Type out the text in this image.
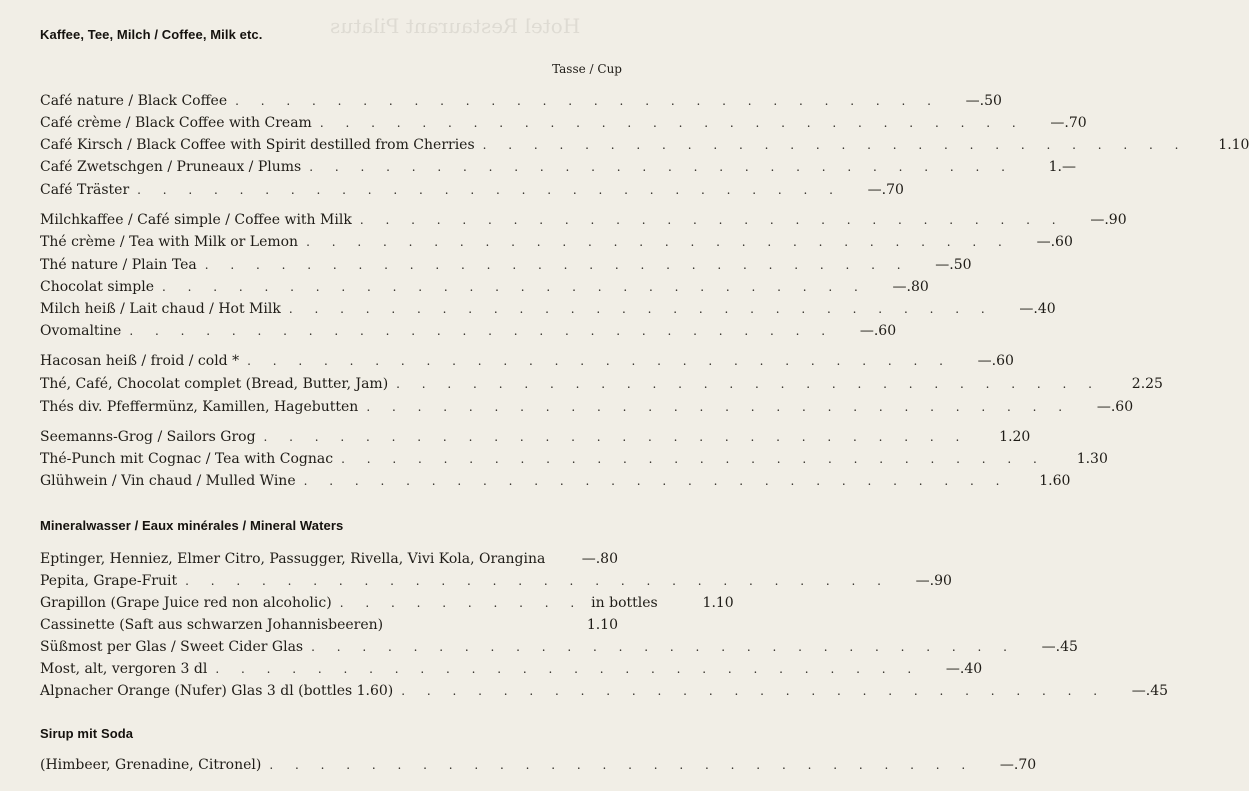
Hotel Restaurant Pilatus
Kaffee, Tee, Milch / Coffee, Milk etc.
Tasse / Cup
Café nature / Black Coffee . . . . . . . . . . . . . . . . . . . . . . . . . . . .	—.50
Café crème / Black Coffee with Cream . . . . . . . . . . . . . . . . . . . . . . . . . . . .	—.70
Café Kirsch / Black Coffee with Spirit destilled from Cherries . . . . . . . . . . . . . . . . . . . . . . . . . . . .	1.10
Café Zwetschgen / Pruneaux / Plums . . . . . . . . . . . . . . . . . . . . . . . . . . . .	1.—
Café Träster . . . . . . . . . . . . . . . . . . . . . . . . . . . .	—.70
Milchkaffee / Café simple / Coffee with Milk . . . . . . . . . . . . . . . . . . . . . . . . . . . .	—.90
Thé crème / Tea with Milk or Lemon . . . . . . . . . . . . . . . . . . . . . . . . . . . .	—.60
Thé nature / Plain Tea . . . . . . . . . . . . . . . . . . . . . . . . . . . .	—.50
Chocolat simple . . . . . . . . . . . . . . . . . . . . . . . . . . . .	—.80
Milch heiß / Lait chaud / Hot Milk . . . . . . . . . . . . . . . . . . . . . . . . . . . .	—.40
Ovomaltine . . . . . . . . . . . . . . . . . . . . . . . . . . . .	—.60
Hacosan heiß / froid / cold * . . . . . . . . . . . . . . . . . . . . . . . . . . . .	—.60
Thé, Café, Chocolat complet (Bread, Butter, Jam) . . . . . . . . . . . . . . . . . . . . . . . . . . . .	2.25
Thés div. Pfeffermünz, Kamillen, Hagebutten . . . . . . . . . . . . . . . . . . . . . . . . . . . .	—.60
Seemanns-Grog / Sailors Grog . . . . . . . . . . . . . . . . . . . . . . . . . . . .	1.20
Thé-Punch mit Cognac / Tea with Cognac . . . . . . . . . . . . . . . . . . . . . . . . . . . .	1.30
Glühwein / Vin chaud / Mulled Wine . . . . . . . . . . . . . . . . . . . . . . . . . . . .	1.60
Mineralwasser / Eaux minérales / Mineral Waters
Eptinger, Henniez, Elmer Citro, Passugger, Rivella, Vivi Kola, Orangina	—.80
Pepita, Grape-Fruit . . . . . . . . . . . . . . . . . . . . . . . . . . . .	—.90
Grapillon (Grape Juice red non alcoholic) . . . . . . . . . . in bottles	1.10
Cassinette (Saft aus schwarzen Johannisbeeren)	1.10
Süßmost per Glas / Sweet Cider Glas . . . . . . . . . . . . . . . . . . . . . . . . . . . .	—.45
Most, alt, vergoren 3 dl . . . . . . . . . . . . . . . . . . . . . . . . . . . .	—.40
Alpnacher Orange (Nufer) Glas 3 dl (bottles 1.60) . . . . . . . . . . . . . . . . . . . . . . . . . . . .	—.45
Sirup mit Soda
(Himbeer, Grenadine, Citronel) . . . . . . . . . . . . . . . . . . . . . . . . . . . .	—.70
